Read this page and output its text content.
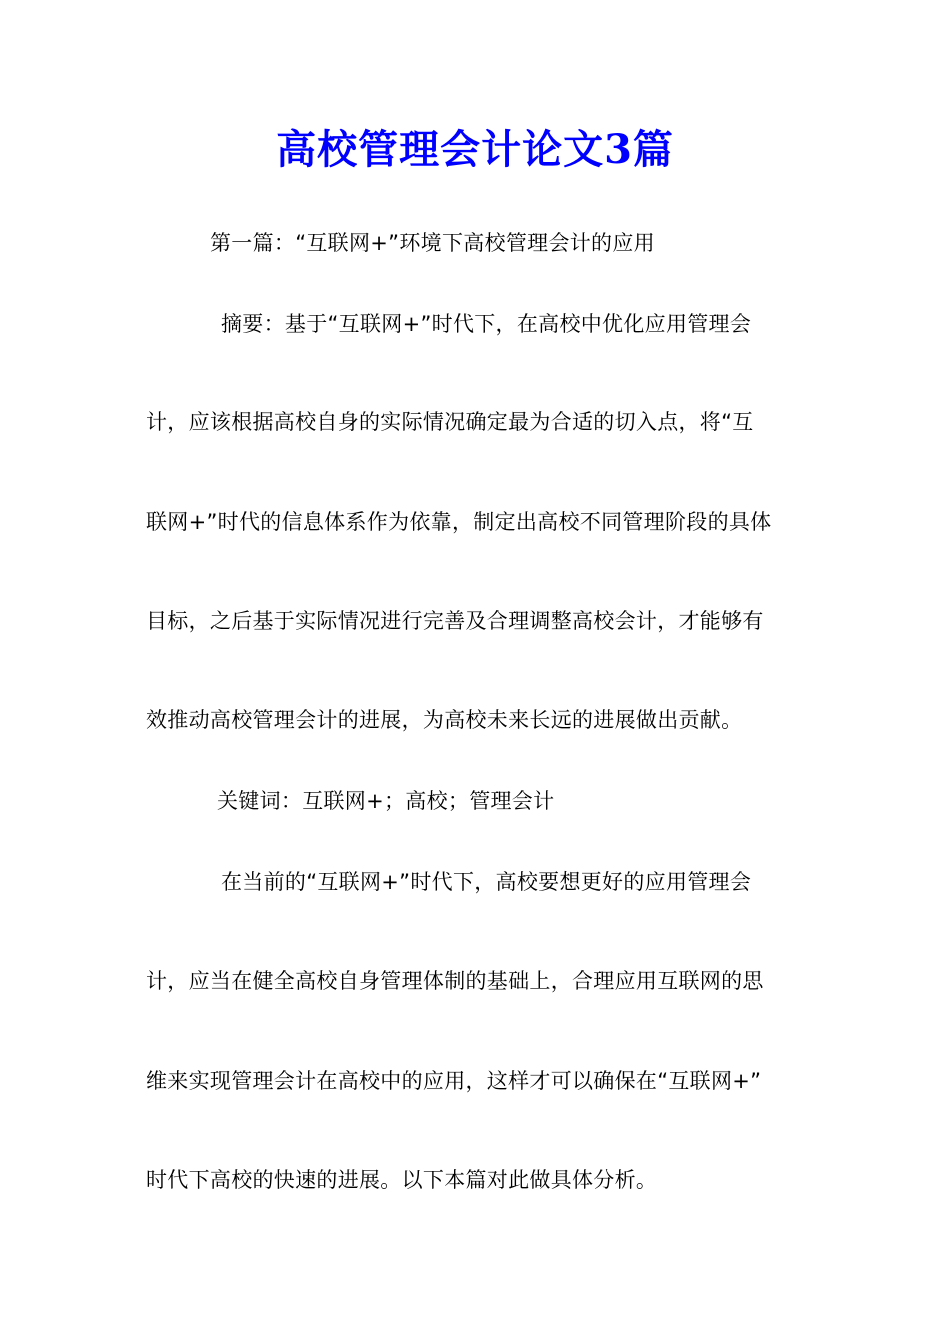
高校管理会计论文3篇
第一篇：“互联网+”环境下高校管理会计的应用
摘要：基于“互联网+”时代下，在高校中优化应用管理会
计，应该根据高校自身的实际情况确定最为合适的切入点，将“互
联网+”时代的信息体系作为依靠，制定出高校不同管理阶段的具体
目标，之后基于实际情况进行完善及合理调整高校会计，才能够有
效推动高校管理会计的进展，为高校未来长远的进展做出贡献。
关键词：互联网+；高校；管理会计
在当前的“互联网+”时代下，高校要想更好的应用管理会
计，应当在健全高校自身管理体制的基础上，合理应用互联网的思
维来实现管理会计在高校中的应用，这样才可以确保在“互联网+”
时代下高校的快速的进展。以下本篇对此做具体分析。
